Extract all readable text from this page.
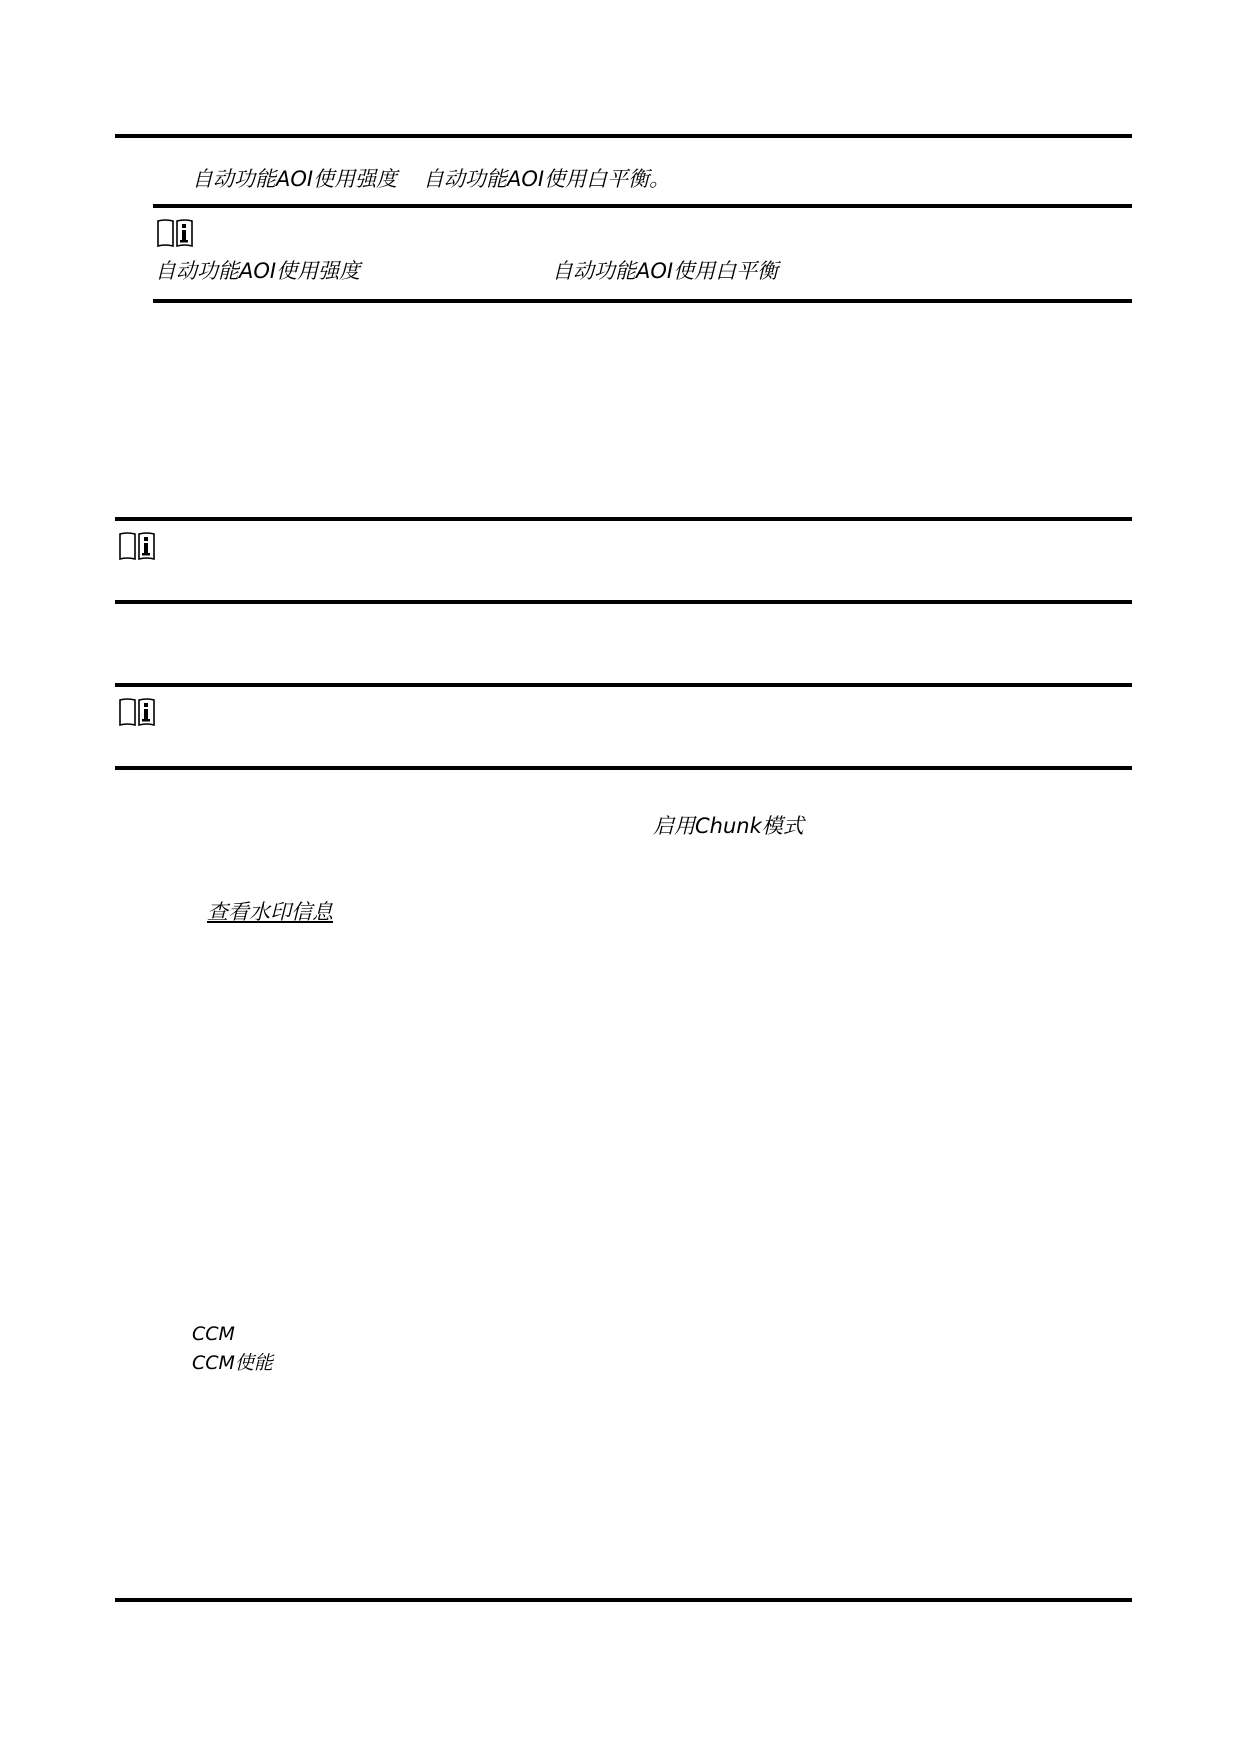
自动功能AOI使用强度 自动功能AOI使用白平衡。
自动功能AOI使用强度	自动功能AOI使用白平衡
启用Chunk模式
查看水印信息
CCM
CCM使能
